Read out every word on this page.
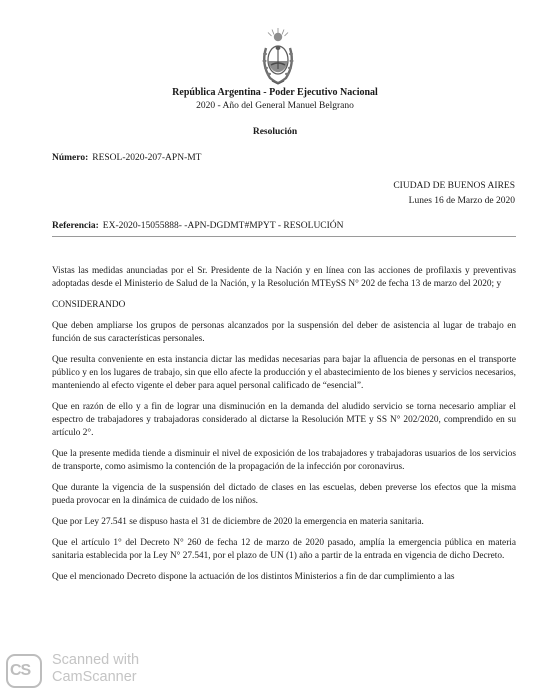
República Argentina - Poder Ejecutivo Nacional
2020 - Año del General Manuel Belgrano
Resolución
Número: RESOL-2020-207-APN-MT
CIUDAD DE BUENOS AIRES
Lunes 16 de Marzo de 2020
Referencia: EX-2020-15055888- -APN-DGDMT#MPYT - RESOLUCIÓN

Vistas las medidas anunciadas por el Sr. Presidente de la Nación y en línea con las acciones de profilaxis y preventivas adoptadas desde el Ministerio de Salud de la Nación, y la Resolución MTEySS N° 202 de fecha 13 de marzo del 2020; y

CONSIDERANDO

Que deben ampliarse los grupos de personas alcanzados por la suspensión del deber de asistencia al lugar de trabajo en función de sus características personales.

Que resulta conveniente en esta instancia dictar las medidas necesarias para bajar la afluencia de personas en el transporte público y en los lugares de trabajo, sin que ello afecte la producción y el abastecimiento de los bienes y servicios necesarios, manteniendo al efecto vigente el deber para aquel personal calificado de “esencial”.

Que en razón de ello y a fin de lograr una disminución en la demanda del aludido servicio se torna necesario ampliar el espectro de trabajadores y trabajadoras considerado al dictarse la Resolución MTE y SS N° 202/2020, comprendido en su artículo 2°.

Que la presente medida tiende a disminuir el nivel de exposición de los trabajadores y trabajadoras usuarios de los servicios de transporte, como asimismo la contención de la propagación de la infección por coronavirus.

Que durante la vigencia de la suspensión del dictado de clases en las escuelas, deben preverse los efectos que la misma pueda provocar en la dinámica de cuidado de los niños.

Que por Ley 27.541 se dispuso hasta el 31 de diciembre de 2020 la emergencia en materia sanitaria.

Que el artículo 1° del Decreto N° 260 de fecha 12 de marzo de 2020 pasado, amplía la emergencia pública en materia sanitaria establecida por la Ley N° 27.541, por el plazo de UN (1) año a partir de la entrada en vigencia de dicho Decreto.

Que el mencionado Decreto dispone la actuación de los distintos Ministerios a fin de dar cumplimiento a las

CS
Scanned with
CamScanner
